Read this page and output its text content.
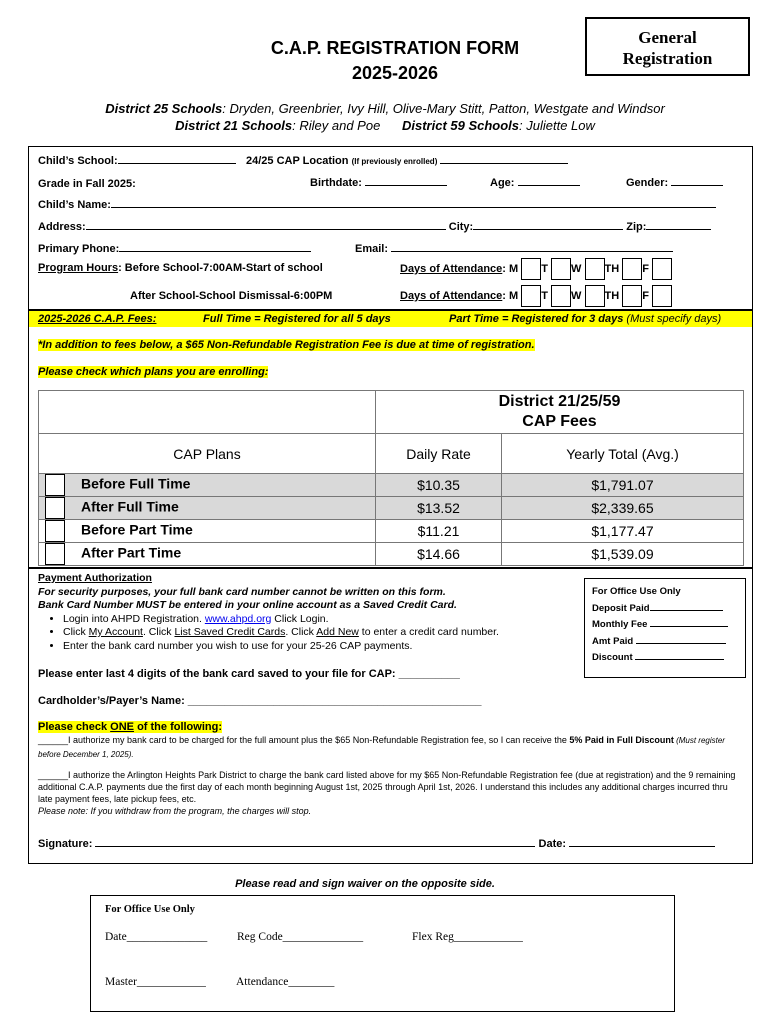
General
Registration
C.A.P. REGISTRATION FORM
2025-2026
District 25 Schools: Dryden, Greenbrier, Ivy Hill, Olive-Mary Stitt, Patton, Westgate and Windsor
District 21 Schools: Riley and Poe District 59 Schools: Juliette Low
Child’s School:	24/25 CAP Location (If previously enrolled)
Grade in Fall 2025:	Birthdate:	Age:	Gender:
Child’s Name:
Address:	City:	Zip:
Primary Phone:	Email:
Program Hours: Before School-7:00AM-Start of school
After School-School Dismissal-6:00PM
Days of Attendance: M T W TH F
Days of Attendance: M T W TH F
2025-2026 C.A.P. Fees:	Full Time = Registered for all 5 days	Part Time = Registered for 3 days (Must specify days)
*In addition to fees below, a $65 Non-Refundable Registration Fee is due at time of registration.
Please check which plans you are enrolling:

	District 21/25/59
CAP Fees	

CAP Plans	Daily Rate	Yearly Total (Avg.)
Before Full Time	$10.35	$1,791.07
After Full Time	$13.52	$2,339.65
Before Part Time	$11.21	$1,177.47
After Part Time	$14.66	$1,539.09
Payment Authorization
For security purposes, your full bank card number cannot be written on this form.
Bank Card Number MUST be entered in your online account as a Saved Credit Card.
• Login into AHPD Registration. www.ahpd.org Click Login.
• Click My Account. Click List Saved Credit Cards. Click Add New to enter a credit card number.
• Enter the bank card number you wish to use for your 25-26 CAP payments.
For Office Use Only
Deposit Paid
Monthly Fee
Amt Paid
Discount
Please enter last 4 digits of the bank card saved to your file for CAP: __________
Cardholder’s/Payer’s Name: ________________________________________________
Please check ONE of the following:
______I authorize my bank card to be charged for the full amount plus the $65 Non-Refundable Registration fee, so I can receive the 5% Paid in Full Discount (Must register before December 1, 2025).
______I authorize the Arlington Heights Park District to charge the bank card listed above for my $65 Non-Refundable Registration fee (due at registration) and the 9 remaining additional C.A.P. payments due the first day of each month beginning August 1st, 2025 through April 1st, 2026. I understand this includes any additional charges incurred thru late payment fees, late pickup fees, etc.
Please note: If you withdraw from the program, the charges will stop.
Signature:	Date:
Please read and sign waiver on the opposite side.
For Office Use Only
Date______________	Reg Code______________	Flex Reg____________
Master____________	Attendance________
